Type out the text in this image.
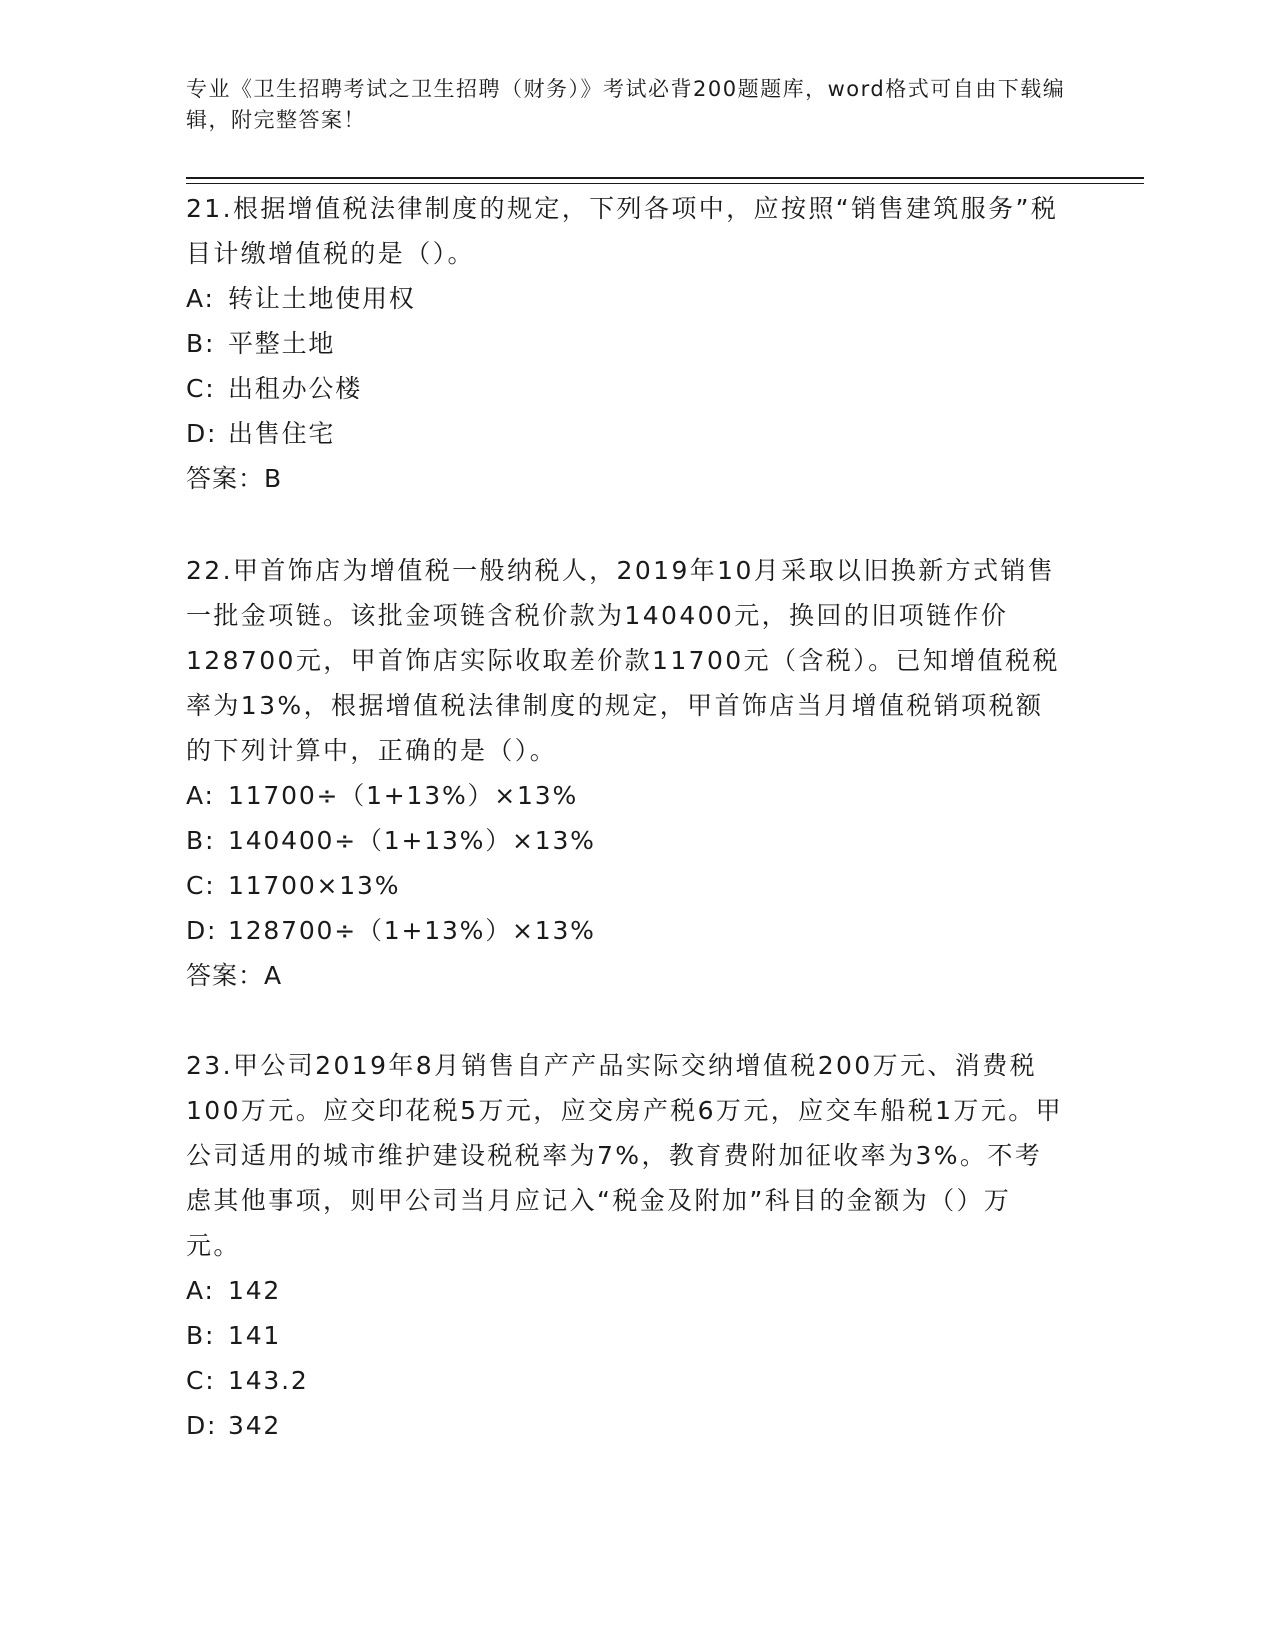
专业《卫生招聘考试之卫生招聘（财务）》考试必背200题题库，word格式可自由下载编辑，附完整答案！

21.根据增值税法律制度的规定，下列各项中，应按照“销售建筑服务”税目计缴增值税的是（）。

A: 转让土地使用权

B: 平整土地

C: 出租办公楼

D: 出售住宅

答案：B

22.甲首饰店为增值税一般纳税人，2019年10月采取以旧换新方式销售一批金项链。该批金项链含税价款为140400元，换回的旧项链作价128700元，甲首饰店实际收取差价款11700元（含税）。已知增值税税率为13%，根据增值税法律制度的规定，甲首饰店当月增值税销项税额的下列计算中，正确的是（）。

A: 11700÷（1+13%）×13%

B: 140400÷（1+13%）×13%

C: 11700×13%

D: 128700÷（1+13%）×13%

答案：A

23.甲公司2019年8月销售自产产品实际交纳增值税200万元、消费税100万元。应交印花税5万元，应交房产税6万元，应交车船税1万元。甲公司适用的城市维护建设税税率为7%，教育费附加征收率为3%。不考虑其他事项，则甲公司当月应记入“税金及附加”科目的金额为（）万元。

A: 142

B: 141

C: 143.2

D: 342
